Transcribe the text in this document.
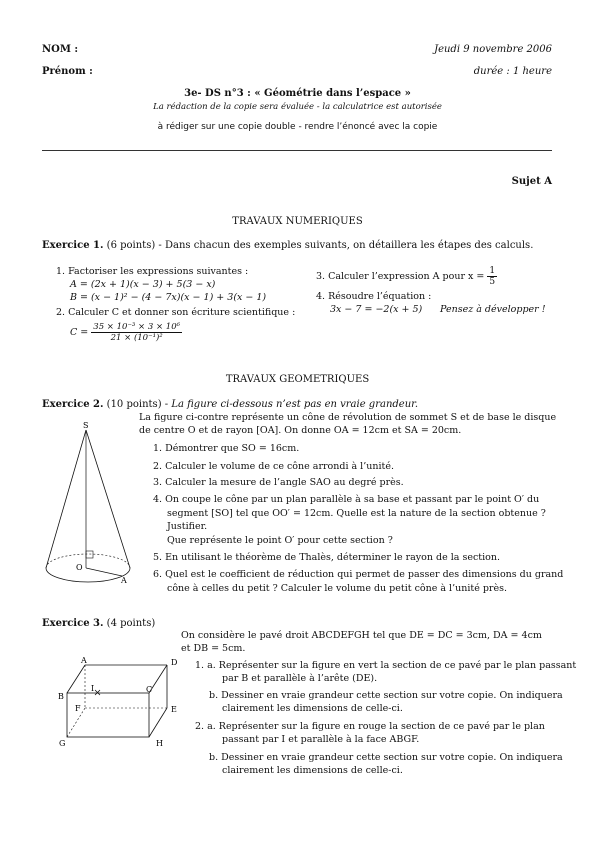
NOM :	Jeudi 9 novembre 2006
Prénom :	durée : 1 heure
3e- DS n°3 : « Géométrie dans l’espace »
La rédaction de la copie sera évaluée - la calculatrice est autorisée
à rédiger sur une copie double - rendre l’énoncé avec la copie
Sujet A
TRAVAUX NUMERIQUES
Exercice 1. (6 points) - Dans chacun des exemples suivants, on détaillera les étapes des calculs.
1. Factoriser les expressions suivantes :
A = (2x + 1)(x − 3) + 5(3 − x)
B = (x − 1)² − (4 − 7x)(x − 1) + 3(x − 1)
2. Calculer C et donner son écriture scientifique :
$C = \frac{\text{35 × 10⁻³ × 3 × 10⁶}}{\text{21 × (10⁻¹)²}}$
3. Calculer l’expression A pour $x = \frac{1}{5}$
4. Résoudre l’équation :
3x − 7 = −2(x + 5) Pensez à développer !
TRAVAUX GEOMETRIQUES
Exercice 2. (10 points) - La figure ci-dessous n’est pas en vraie grandeur.
La figure ci-contre représente un cône de révolution de sommet S et de base le disque
de centre O et de rayon [OA]. On donne OA = 12cm et SA = 20cm.
1. Démontrer que SO = 16cm.
2. Calculer le volume de ce cône arrondi à l’unité.
3. Calculer la mesure de l’angle SAO au degré près.
4. On coupe le cône par un plan parallèle à sa base et passant par le point O′ du
segment [SO] tel que OO′ = 12cm. Quelle est la nature de la section obtenue ?
Justifier.
Que représente le point O′ pour cette section ?
5. En utilisant le théorème de Thalès, déterminer le rayon de la section.
6. Quel est le coefficient de réduction qui permet de passer des dimensions du grand
cône à celles du petit ? Calculer le volume du petit cône à l’unité près.
S
O
A
Exercice 3. (4 points)
On considère le pavé droit ABCDEFGH tel que DE = DC = 3cm, DA = 4cm
et DB = 5cm.
1. a. Représenter sur la figure en vert la section de ce pavé par le plan passant
par B et parallèle à l’arête (DE).
b. Dessiner en vraie grandeur cette section sur votre copie. On indiquera
clairement les dimensions de celle-ci.
2. a. Représenter sur la figure en rouge la section de ce pavé par le plan
passant par I et parallèle à la face ABGF.
b. Dessiner en vraie grandeur cette section sur votre copie. On indiquera
clairement les dimensions de celle-ci.
A	D
B
C
I
F	E
G	H
